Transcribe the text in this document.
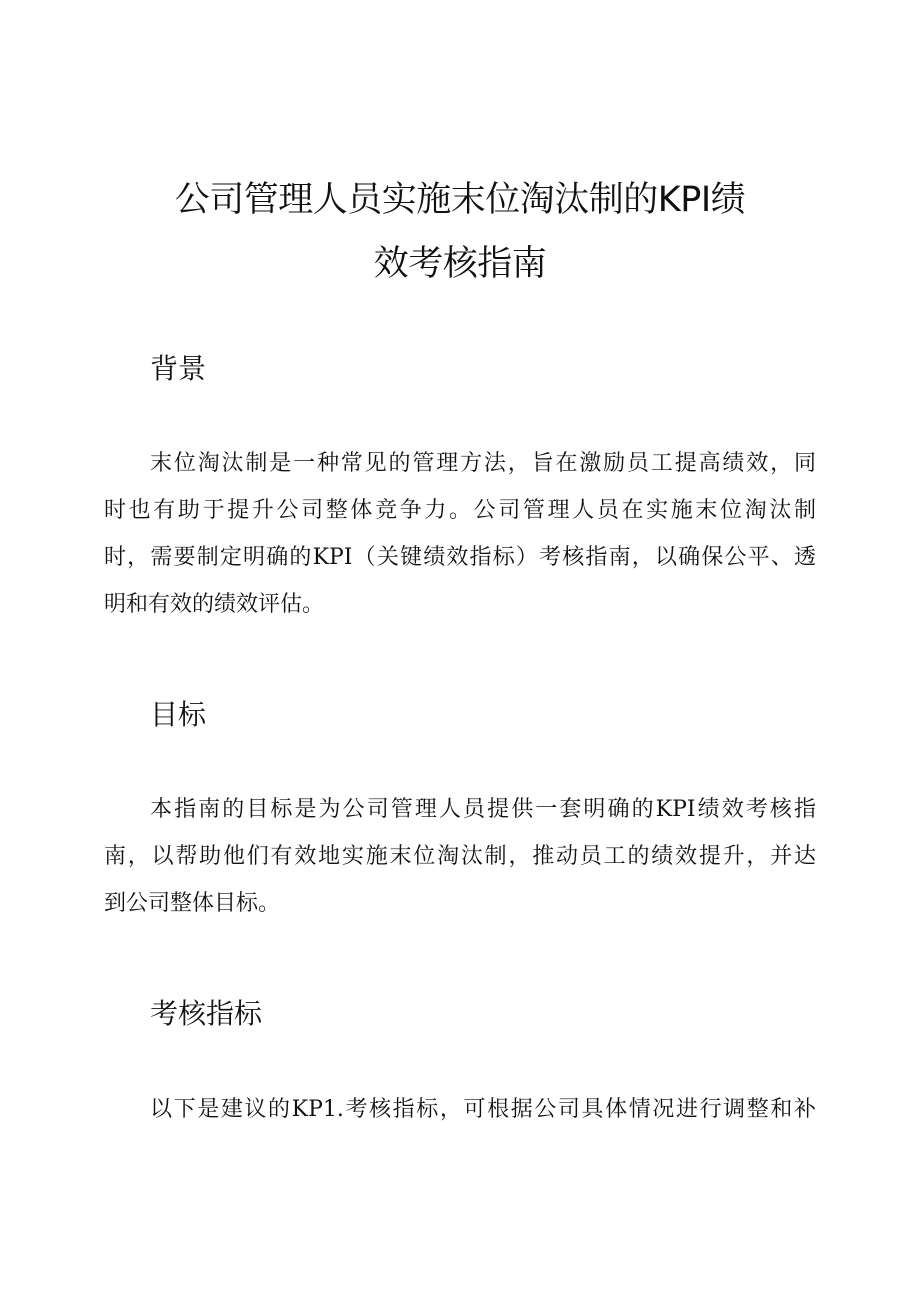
公司管理人员实施末位淘汰制的KPI绩
效考核指南
背景
末位淘汰制是一种常见的管理方法，旨在激励员工提高绩效，同
时也有助于提升公司整体竞争力。公司管理人员在实施末位淘汰制
时，需要制定明确的KPI（关键绩效指标）考核指南，以确保公平、透
明和有效的绩效评估。
目标
本指南的目标是为公司管理人员提供一套明确的KPI绩效考核指
南，以帮助他们有效地实施末位淘汰制，推动员工的绩效提升，并达
到公司整体目标。
考核指标
以下是建议的KP1.考核指标，可根据公司具体情况进行调整和补
